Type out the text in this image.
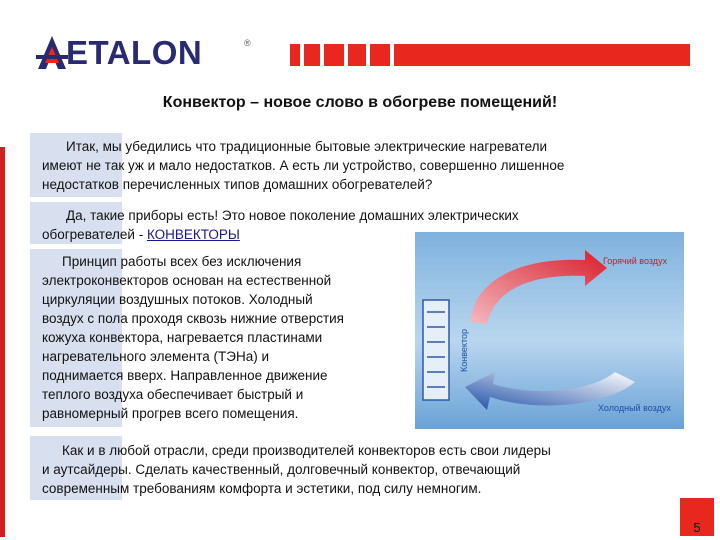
ETALON	®
Конвектор – новое слово в обогреве помещений!

Итак, мы убедились что традиционные бытовые электрические нагреватели
имеют не так уж и мало недостатков. А есть ли устройство, совершенно лишенное
недостатков перечисленных типов домашних обогревателей?

Да, такие приборы есть! Это новое поколение домашних электрических
обогревателей - КОНВЕКТОРЫ

Принцип работы всех без исключения
электроконвекторов основан на естественной
циркуляции воздушных потоков. Холодный
воздух с пола проходя сквозь нижние отверстия
кожуха конвектора, нагревается пластинами
нагревательного элемента (ТЭНа) и
поднимается вверх. Направленное движение
теплого воздуха обеспечивает быстрый и
равномерный прогрев всего помещения.

Конвектор
Горячий воздух
Холодный воздух

Как и в любой отрасли, среди производителей конвекторов есть свои лидеры
и аутсайдеры. Сделать качественный, долговечный конвектор, отвечающий
современным требованиям комфорта и эстетики, под силу немногим.

5
